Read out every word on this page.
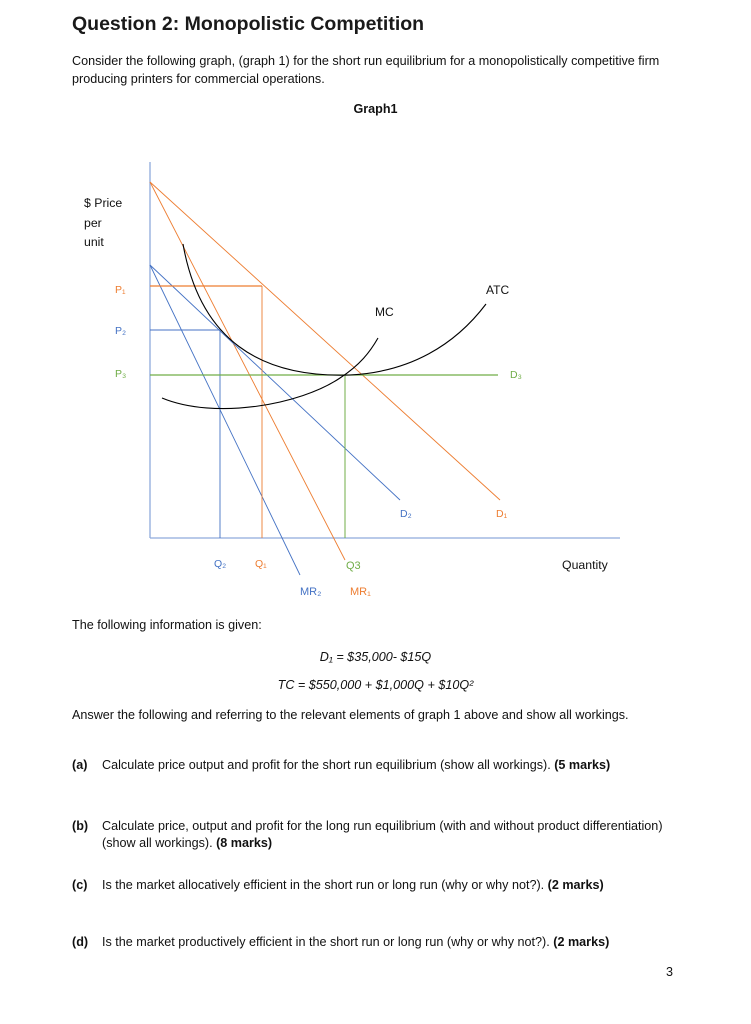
Question 2: Monopolistic Competition
Consider the following graph, (graph 1) for the short run equilibrium for a monopolistically competitive firm producing printers for commercial operations.
Graph1
$ Price
per
unit
P₁
P₂
P₃
Q₂	Q₁	Q3
MC
ATC
D₃
D₂	D₁
MR₂	MR₁
Quantity
The following information is given:
D₁ = $35,000- $15Q
TC = $550,000 + $1,000Q + $10Q²
Answer the following and referring to the relevant elements of graph 1 above and show all workings.
(a)	Calculate price output and profit for the short run equilibrium (show all workings). (5 marks)
(b)	Calculate price, output and profit for the long run equilibrium (with and without product differentiation) (show all workings). (8 marks)
(c)	Is the market allocatively efficient in the short run or long run (why or why not?). (2 marks)
(d)	Is the market productively efficient in the short run or long run (why or why not?). (2 marks)
3
